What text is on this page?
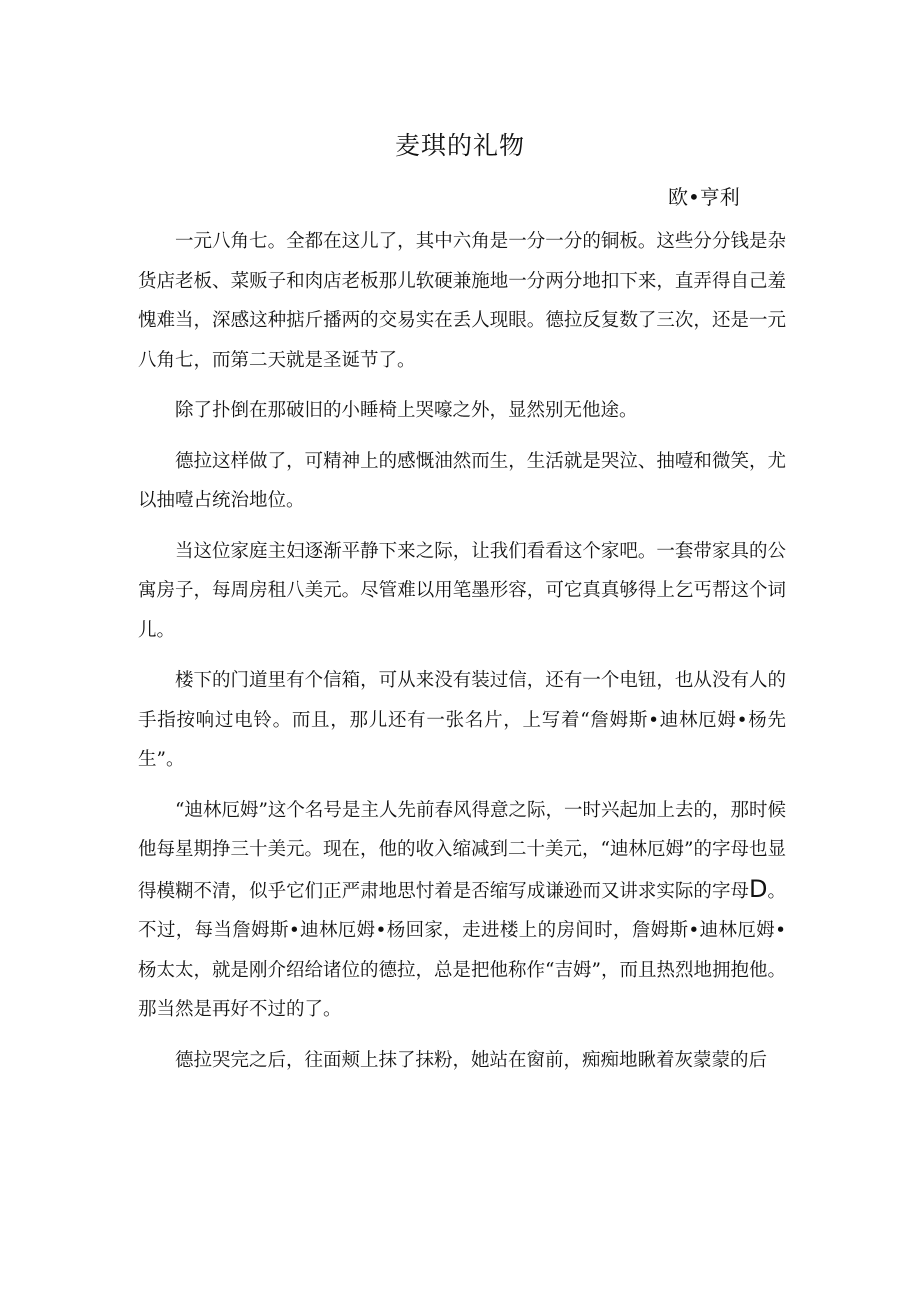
麦琪的礼物

欧•亨利

一元八角七。全都在这儿了，其中六角是一分一分的铜板。这些分分钱是杂货店老板、菜贩子和肉店老板那儿软硬兼施地一分两分地扣下来，直弄得自己羞愧难当，深感这种掂斤播两的交易实在丢人现眼。德拉反复数了三次，还是一元八角七，而第二天就是圣诞节了。

除了扑倒在那破旧的小睡椅上哭嚎之外，显然别无他途。

德拉这样做了，可精神上的感慨油然而生，生活就是哭泣、抽噎和微笑，尤以抽噎占统治地位。

当这位家庭主妇逐渐平静下来之际，让我们看看这个家吧。一套带家具的公寓房子，每周房租八美元。尽管难以用笔墨形容，可它真真够得上乞丐帮这个词儿。

楼下的门道里有个信箱，可从来没有装过信，还有一个电钮，也从没有人的手指按响过电铃。而且，那儿还有一张名片，上写着“詹姆斯•迪林厄姆•杨先生”。

“迪林厄姆”这个名号是主人先前春风得意之际，一时兴起加上去的，那时候他每星期挣三十美元。现在，他的收入缩减到二十美元，“迪林厄姆”的字母也显得模糊不清，似乎它们正严肃地思忖着是否缩写成谦逊而又讲求实际的字母D。不过，每当詹姆斯•迪林厄姆•杨回家，走进楼上的房间时，詹姆斯•迪林厄姆•杨太太，就是刚介绍给诸位的德拉，总是把他称作“吉姆”，而且热烈地拥抱他。那当然是再好不过的了。

德拉哭完之后，往面颊上抹了抹粉，她站在窗前，痴痴地瞅着灰蒙蒙的后
